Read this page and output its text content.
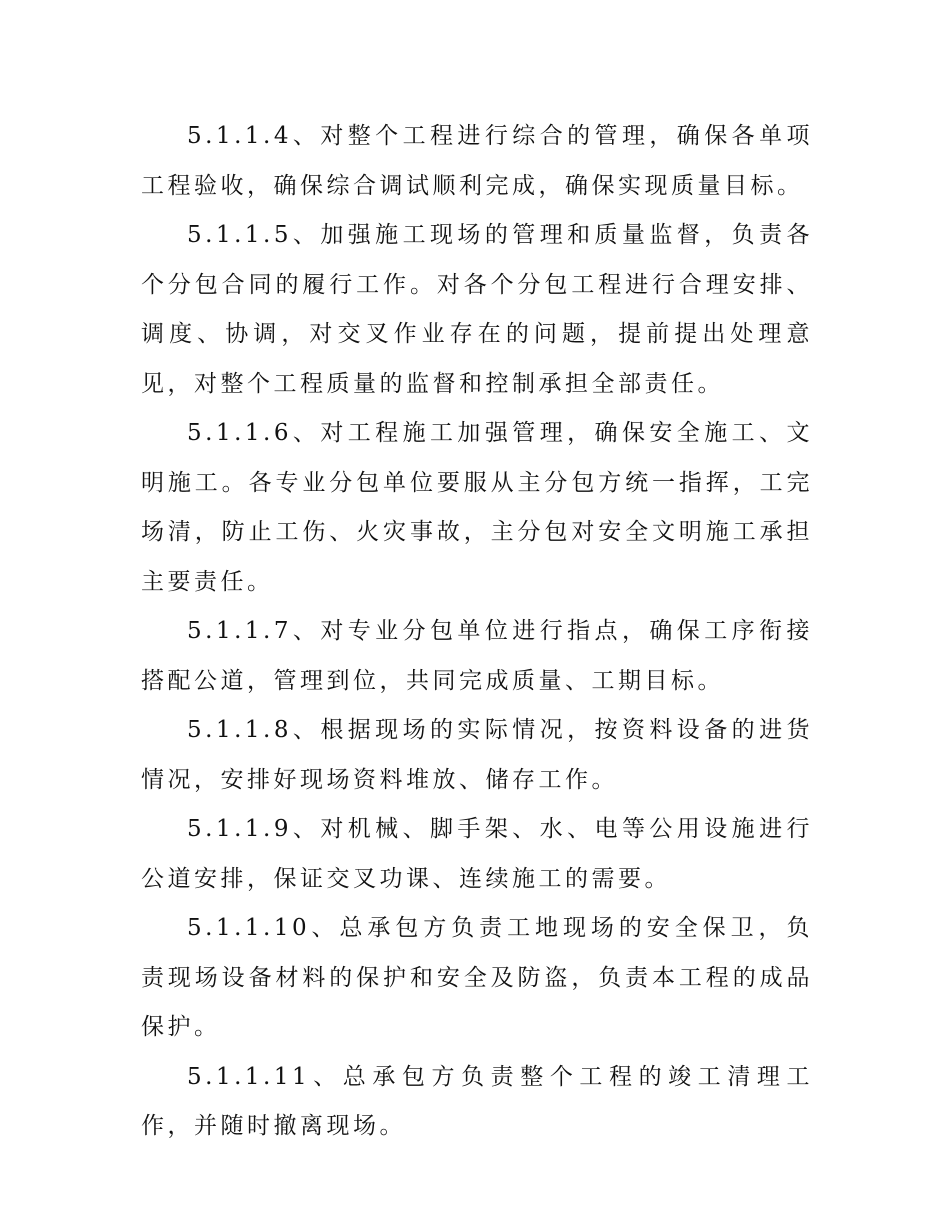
5.1.1.4、对整个工程进行综合的管理，确保各单项工程验收，确保综合调试顺利完成，确保实现质量目标。

5.1.1.5、加强施工现场的管理和质量监督，负责各个分包合同的履行工作。对各个分包工程进行合理安排、调度、协调，对交叉作业存在的问题，提前提出处理意见，对整个工程质量的监督和控制承担全部责任。

5.1.1.6、对工程施工加强管理，确保安全施工、文明施工。各专业分包单位要服从主分包方统一指挥，工完场清，防止工伤、火灾事故，主分包对安全文明施工承担主要责任。

5.1.1.7、对专业分包单位进行指点，确保工序衔接搭配公道，管理到位，共同完成质量、工期目标。

5.1.1.8、根据现场的实际情况，按资料设备的进货情况，安排好现场资料堆放、储存工作。

5.1.1.9、对机械、脚手架、水、电等公用设施进行公道安排，保证交叉功课、连续施工的需要。

5.1.1.10、总承包方负责工地现场的安全保卫，负责现场设备材料的保护和安全及防盗，负责本工程的成品保护。

5.1.1.11、总承包方负责整个工程的竣工清理工作，并随时撤离现场。
